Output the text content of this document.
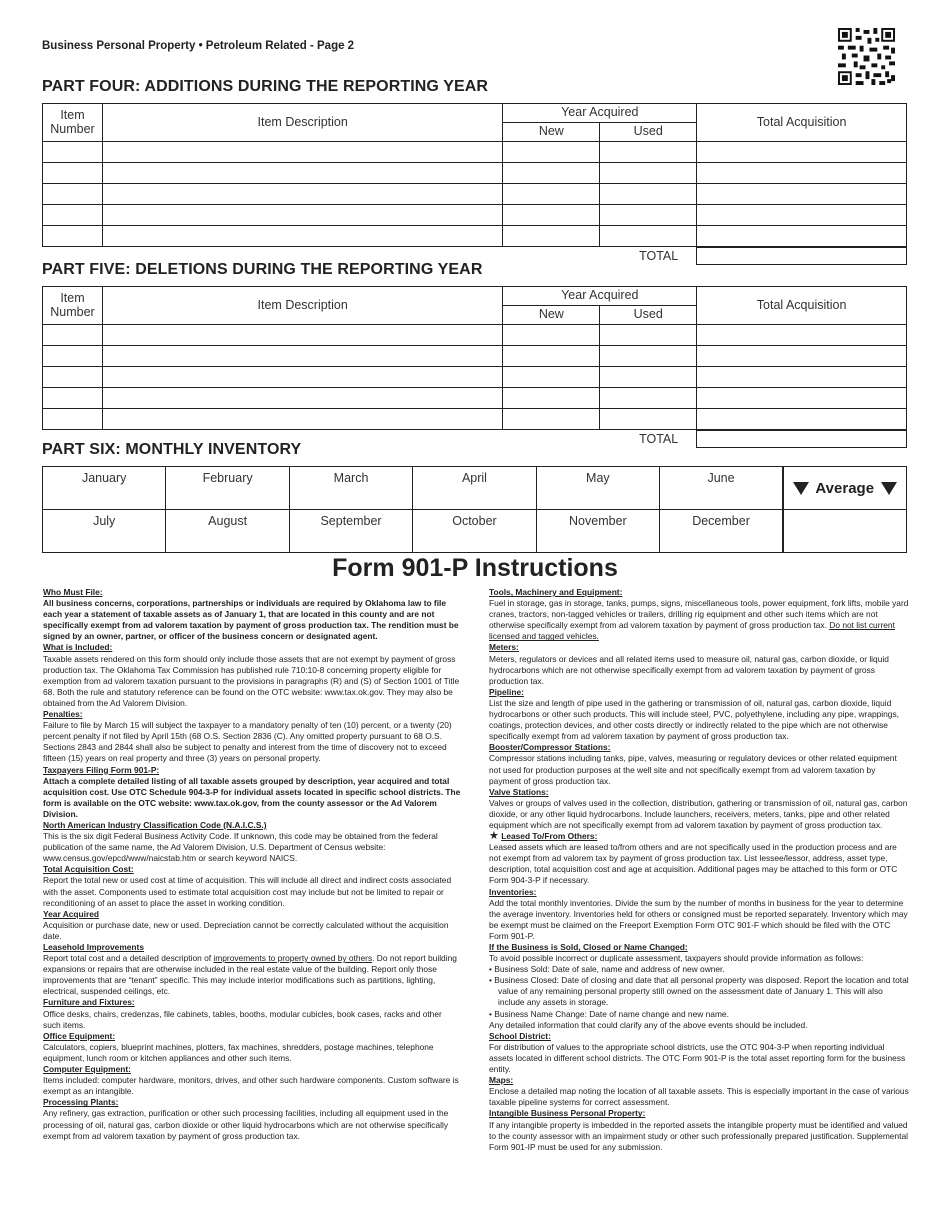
Business Personal Property • Petroleum Related - Page 2
PART FOUR: ADDITIONS DURING THE REPORTING YEAR
Item
Number	Item Description	Year Acquired		Total Acquisition
		New	Used	

			TOTAL	
PART FIVE: DELETIONS DURING THE REPORTING YEAR
Item
Number	Item Description	Year Acquired		Total Acquisition
		New	Used	

			TOTAL	
PART SIX: MONTHLY INVENTORY
January	February	March	April	May	June	Average
July	August	September	October	November	December	
Form 901-P Instructions
Who Must File:
All business concerns, corporations, partnerships or individuals are required by Oklahoma law to file each year a statement of taxable assets as of January 1, that are located in this county and are not specifically exempt from ad valorem taxation by payment of gross production tax. The rendition must be signed by an owner, partner, or officer of the business concern or designated agent.
What is Included:
Taxable assets rendered on this form should only include those assets that are not exempt by payment of gross production tax. The Oklahoma Tax Commission has published rule 710:10-8 concerning property eligible for exemption from ad valorem taxation pursuant to the provisions in paragraphs (R) and (S) of Section 1001 of Title 68. Both the rule and statutory reference can be found on the OTC website: www.tax.ok.gov. They may also be obtained from the Ad Valorem Division.
Penalties:
Failure to file by March 15 will subject the taxpayer to a mandatory penalty of ten (10) percent, or a twenty (20) percent penalty if not filed by April 15th (68 O.S. Section 2836 (C). Any omitted property pursuant to 68 O.S. Sections 2843 and 2844 shall also be subject to penalty and interest from the time of discovery not to exceed fifteen (15) years on real property and three (3) years on personal property.
Taxpayers Filing Form 901-P:
Attach a complete detailed listing of all taxable assets grouped by description, year acquired and total acquisition cost. Use OTC Schedule 904-3-P for individual assets located in specific school districts. The form is available on the OTC website: www.tax.ok.gov, from the county assessor or the Ad Valorem Division.
North American Industry Classification Code (N.A.I.C.S.)
This is the six digit Federal Business Activity Code. If unknown, this code may be obtained from the federal publication of the same name, the Ad Valorem Division, U.S. Department of Census website: www.census.gov/epcd/www/naicstab.htm or search keyword NAICS.
Total Acquisition Cost:
Report the total new or used cost at time of acquisition. This will include all direct and indirect costs associated with the asset. Components used to estimate total acquisition cost may include but not be limited to repair or reconditioning of an asset to place the asset in working condition.
Year Acquired
Acquisition or purchase date, new or used. Depreciation cannot be correctly calculated without the acquisition date.
Leasehold Improvements
Report total cost and a detailed description of improvements to property owned by others. Do not report building expansions or repairs that are otherwise included in the real estate value of the building. Report only those improvements that are “tenant” specific. This may include interior modifications such as partitions, lighting, electrical, suspended ceilings, etc.
Furniture and Fixtures:
Office desks, chairs, credenzas, file cabinets, tables, booths, modular cubicles, book cases, racks and other such items.
Office Equipment:
Calculators, copiers, blueprint machines, plotters, fax machines, shredders, postage machines, telephone equipment, lunch room or kitchen appliances and other such items.
Computer Equipment:
Items included: computer hardware, monitors, drives, and other such hardware components. Custom software is exempt as an intangible.
Processing Plants:
Any refinery, gas extraction, purification or other such processing facilities, including all equipment used in the processing of oil, natural gas, carbon dioxide or other liquid hydrocarbons which are not otherwise specifically exempt from ad valorem taxation by payment of gross production tax.
Tools, Machinery and Equipment:
Fuel in storage, gas in storage, tanks, pumps, signs, miscellaneous tools, power equipment, fork lifts, mobile yard cranes, tractors, non-tagged vehicles or trailers, drilling rig equipment and other such items which are not otherwise specifically exempt from ad valorem taxation by payment of gross production tax. Do not list current licensed and tagged vehicles.
Meters:
Meters, regulators or devices and all related items used to measure oil, natural gas, carbon dioxide, or liquid hydrocarbons which are not otherwise specifically exempt from ad valorem taxation by payment of gross production tax.
Pipeline:
List the size and length of pipe used in the gathering or transmission of oil, natural gas, carbon dioxide, liquid hydrocarbons or other such products. This will include steel, PVC, polyethylene, including any pipe, wrappings, coatings, protection devices, and other costs directly or indirectly related to the pipe which are not otherwise specifically exempt from ad valorem taxation by payment of gross production tax.
Booster/Compressor Stations:
Compressor stations including tanks, pipe, valves, measuring or regulatory devices or other related equipment not used for production purposes at the well site and not specifically exempt from ad valorem taxation by payment of gross production tax.
Valve Stations:
Valves or groups of valves used in the collection, distribution, gathering or transmission of oil, natural gas, carbon dioxide, or any other liquid hydrocarbons. Include launchers, receivers, meters, tanks, pipe and other related equipment which are not specifically exempt from ad valorem taxation by payment of gross production tax.
★ Leased To/From Others:
Leased assets which are leased to/from others and are not specifically used in the production process and are not exempt from ad valorem tax by payment of gross production tax. List lessee/lessor, address, asset type, description, total acquisition cost and age at acquisition. Additional pages may be attached to this form or OTC Form 904-3-P if necessary.
Inventories:
Add the total monthly inventories. Divide the sum by the number of months in business for the year to determine the average inventory. Inventories held for others or consigned must be reported separately. Inventory which may be exempt must be claimed on the Freeport Exemption Form OTC 901-F which should be filed with the OTC Form 901-P.
If the Business is Sold, Closed or Name Changed:
To avoid possible incorrect or duplicate assessment, taxpayers should provide information as follows:
• Business Sold: Date of sale, name and address of new owner.
• Business Closed: Date of closing and date that all personal property was disposed. Report the location and total value of any remaining personal property still owned on the assessment date of January 1. This will also include any assets in storage.
• Business Name Change: Date of name change and new name.
Any detailed information that could clarify any of the above events should be included.
School District:
For distribution of values to the appropriate school districts, use the OTC 904-3-P when reporting individual assets located in different school districts. The OTC Form 901-P is the total asset reporting form for the business entity.
Maps:
Enclose a detailed map noting the location of all taxable assets. This is especially important in the case of various taxable pipeline systems for correct assessment.
Intangible Business Personal Property:
If any intangible property is imbedded in the reported assets the intangible property must be identified and valued to the county assessor with an impairment study or other such professionally prepared justification. Supplemental Form 901-IP must be used for any submission.
